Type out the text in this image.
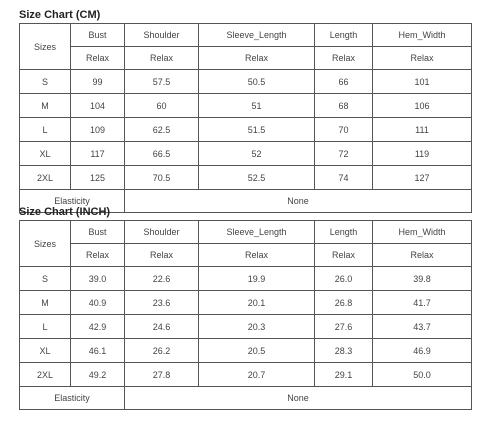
Size Chart (CM)
Sizes	Bust	Shoulder	Sleeve_Length	Length	Hem_Width
	Relax	Relax	Relax	Relax	Relax
S	99	57.5	50.5	66	101
M	104	60	51	68	106
L	109	62.5	51.5	70	111
XL	117	66.5	52	72	119
2XL	125	70.5	52.5	74	127
Elasticity		None			
Size Chart (INCH)
Sizes	Bust	Shoulder	Sleeve_Length	Length	Hem_Width
	Relax	Relax	Relax	Relax	Relax
S	39.0	22.6	19.9	26.0	39.8
M	40.9	23.6	20.1	26.8	41.7
L	42.9	24.6	20.3	27.6	43.7
XL	46.1	26.2	20.5	28.3	46.9
2XL	49.2	27.8	20.7	29.1	50.0
Elasticity		None			
